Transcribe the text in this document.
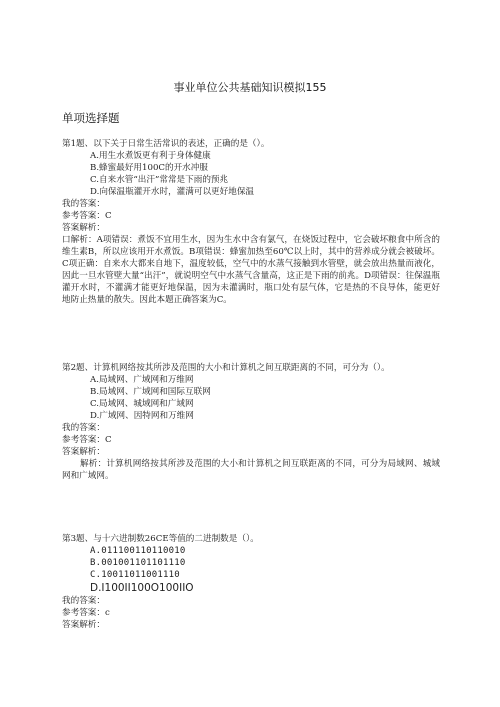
事业单位公共基础知识模拟155
单项选择题

第1题、以下关于日常生活常识的表述，正确的是（）。

A.用生水煮饭更有利于身体健康

B.蜂蜜最好用100C的开水冲服

C.自来水管“出汗”常常是下雨的预兆

D.向保温瓶灌开水时，灌满可以更好地保温

我的答案：

参考答案：C

答案解析：

口解析：A项错误：煮饭不宜用生水，因为生水中含有氯气，在烧饭过程中，它会破坏粮食中所含的维生素B，所以应该用开水煮饭。B项错误：蜂蜜加热至60℃以上时，其中的营养成分就会被破坏。C项正确：自来水大都来自地下，温度较低，空气中的水蒸气接触到水管壁，就会放出热量而液化，因此一旦水管壁大量“出汗”，就说明空气中水蒸气含量高，这正是下雨的前兆。D项错误：往保温瓶灌开水时，不灌满才能更好地保温，因为未灌满时，瓶口处有层气体，它是热的不良导体，能更好地防止热量的散失。因此本题正确答案为C。

第2题、计算机网络按其所涉及范围的大小和计算机之间互联距离的不同，可分为（）。

A.局域网、广域网和万维网

B.局域网、广域网和国际互联网

C.局域网、城域网和广域网

D.广域网、因特网和万维网

我的答案：

参考答案：C

答案解析：

解析：计算机网络按其所涉及范围的大小和计算机之间互联距离的不同，可分为局域网、城域网和广域网。

第3题、与十六进制数26CE等值的二进制数是（）。

A.011100110110010

B.001001101101110

C.10011011001110

D.I100II100O100IIO

我的答案：

参考答案：c

答案解析：
